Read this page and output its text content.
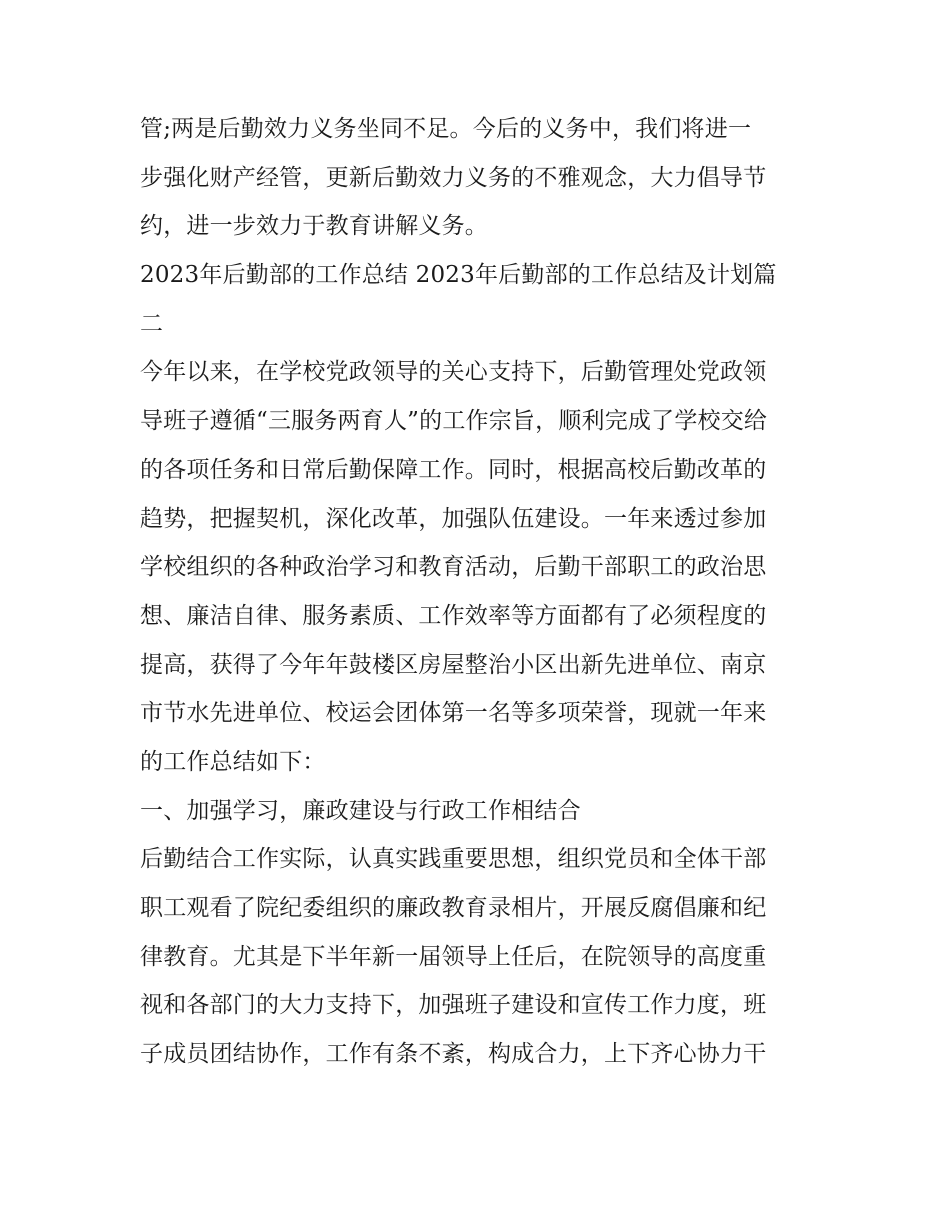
管;两是后勤效力义务坐同不足。今后的义务中，我们将进一
步强化财产经管，更新后勤效力义务的不雅观念，大力倡导节
约，进一步效力于教育讲解义务。
2023年后勤部的工作总结 2023年后勤部的工作总结及计划篇
二
今年以来，在学校党政领导的关心支持下，后勤管理处党政领
导班子遵循“三服务两育人”的工作宗旨，顺利完成了学校交给
的各项任务和日常后勤保障工作。同时，根据高校后勤改革的
趋势，把握契机，深化改革，加强队伍建设。一年来透过参加
学校组织的各种政治学习和教育活动，后勤干部职工的政治思
想、廉洁自律、服务素质、工作效率等方面都有了必须程度的
提高，获得了今年年鼓楼区房屋整治小区出新先进单位、南京
市节水先进单位、校运会团体第一名等多项荣誉，现就一年来
的工作总结如下：
一、加强学习，廉政建设与行政工作相结合
后勤结合工作实际，认真实践重要思想，组织党员和全体干部
职工观看了院纪委组织的廉政教育录相片，开展反腐倡廉和纪
律教育。尤其是下半年新一届领导上任后，在院领导的高度重
视和各部门的大力支持下，加强班子建设和宣传工作力度，班
子成员团结协作，工作有条不紊，构成合力，上下齐心协力干
